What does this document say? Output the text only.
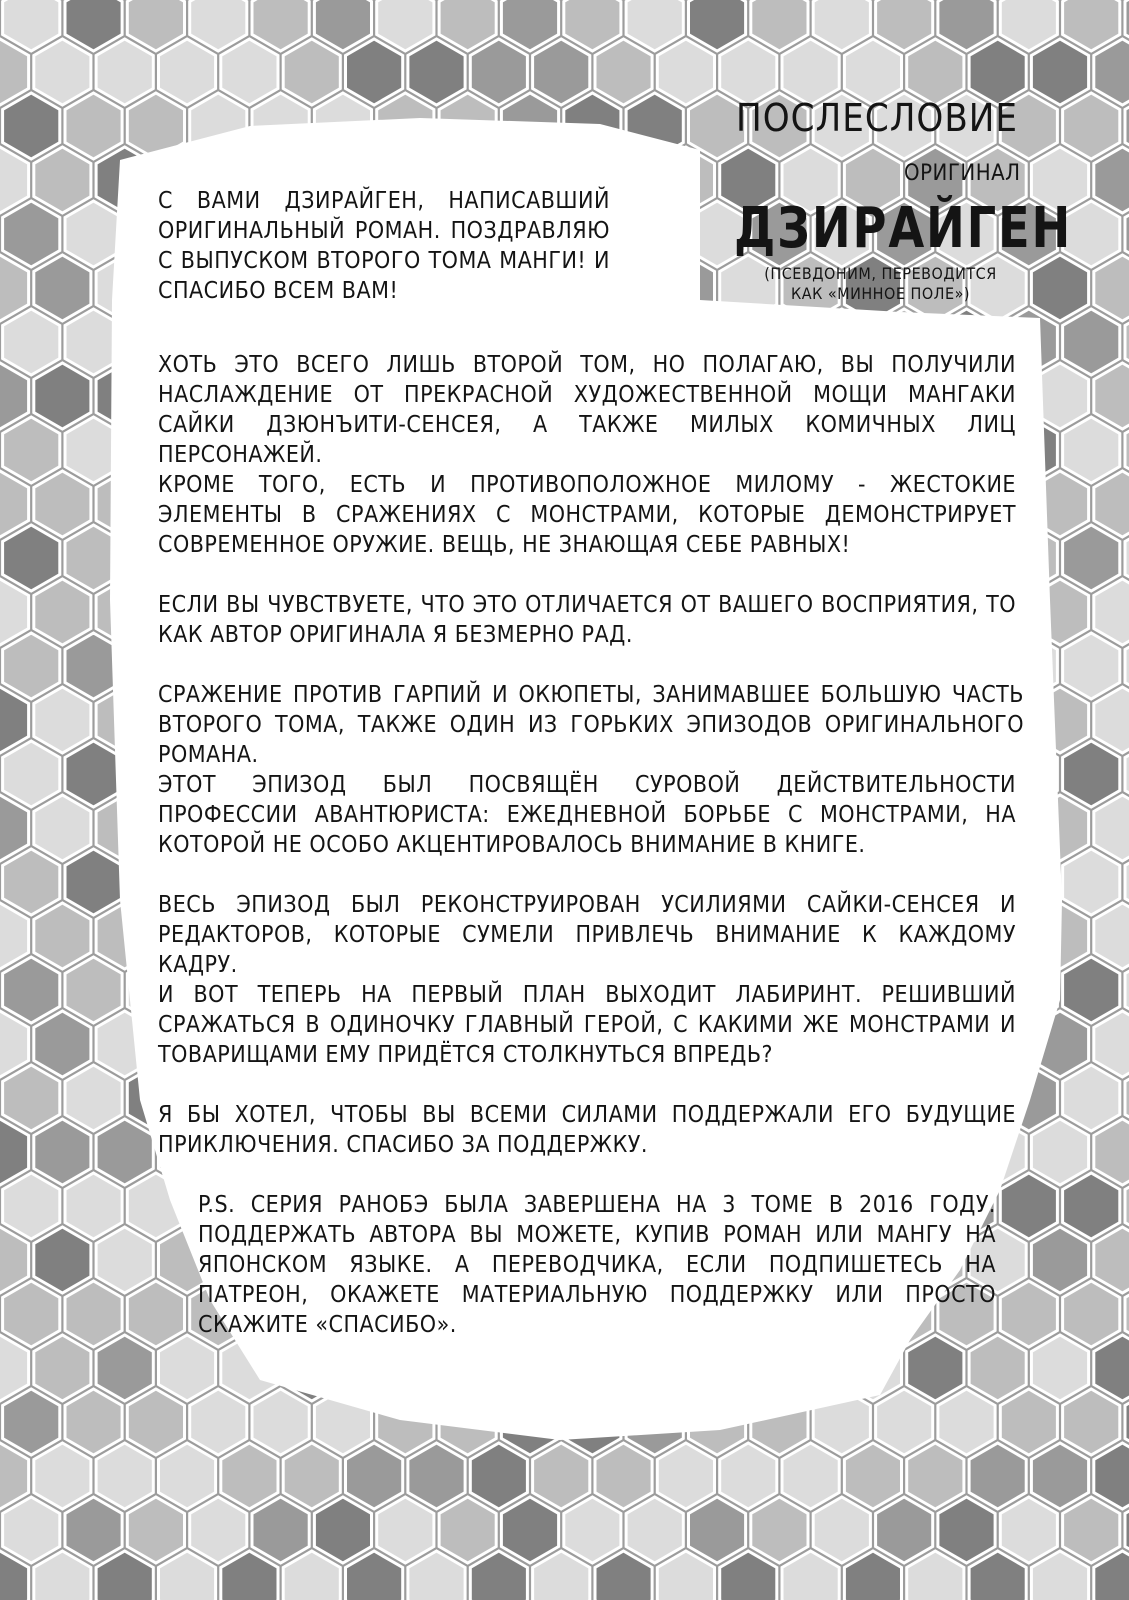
ПОСЛЕСЛОВИЕ
ОРИГИНАЛ
ДЗИРАЙГЕН
(ПСЕВДОНИМ, ПЕРЕВОДИТСЯ КАК «МИННОЕ ПОЛЕ»)

С ВАМИ ДЗИРАЙГЕН, НАПИСАВШИЙ ОРИГИНАЛЬНЫЙ РОМАН. ПОЗДРАВЛЯЮ С ВЫПУСКОМ ВТОРОГО ТОМА МАНГИ! И СПАСИБО ВСЕМ ВАМ!

ХОТЬ ЭТО ВСЕГО ЛИШЬ ВТОРОЙ ТОМ, НО ПОЛАГАЮ, ВЫ ПОЛУЧИЛИ НАСЛАЖДЕНИЕ ОТ ПРЕКРАСНОЙ ХУДОЖЕСТВЕННОЙ МОЩИ МАНГАКИ САЙКИ ДЗЮНЪИТИ-СЕНСЕЯ, А ТАКЖЕ МИЛЫХ КОМИЧНЫХ ЛИЦ ПЕРСОНАЖЕЙ.

КРОМЕ ТОГО, ЕСТЬ И ПРОТИВОПОЛОЖНОЕ МИЛОМУ - ЖЕСТОКИЕ ЭЛЕМЕНТЫ В СРАЖЕНИЯХ С МОНСТРАМИ, КОТОРЫЕ ДЕМОНСТРИРУЕТ СОВРЕМЕННОЕ ОРУЖИЕ. ВЕЩЬ, НЕ ЗНАЮЩАЯ СЕБЕ РАВНЫХ!

ЕСЛИ ВЫ ЧУВСТВУЕТЕ, ЧТО ЭТО ОТЛИЧАЕТСЯ ОТ ВАШЕГО ВОСПРИЯТИЯ, ТО КАК АВТОР ОРИГИНАЛА Я БЕЗМЕРНО РАД.

СРАЖЕНИЕ ПРОТИВ ГАРПИЙ И ОКЮПЕТЫ, ЗАНИМАВШЕЕ БОЛЬШУЮ ЧАСТЬ ВТОРОГО ТОМА, ТАКЖЕ ОДИН ИЗ ГОРЬКИХ ЭПИЗОДОВ ОРИГИНАЛЬНОГО РОМАНА.

ЭТОТ ЭПИЗОД БЫЛ ПОСВЯЩЁН СУРОВОЙ ДЕЙСТВИТЕЛЬНОСТИ ПРОФЕССИИ АВАНТЮРИСТА: ЕЖЕДНЕВНОЙ БОРЬБЕ С МОНСТРАМИ, НА КОТОРОЙ НЕ ОСОБО АКЦЕНТИРОВАЛОСЬ ВНИМАНИЕ В КНИГЕ.

ВЕСЬ ЭПИЗОД БЫЛ РЕКОНСТРУИРОВАН УСИЛИЯМИ САЙКИ-СЕНСЕЯ И РЕДАКТОРОВ, КОТОРЫЕ СУМЕЛИ ПРИВЛЕЧЬ ВНИМАНИЕ К КАЖДОМУ КАДРУ.

И ВОТ ТЕПЕРЬ НА ПЕРВЫЙ ПЛАН ВЫХОДИТ ЛАБИРИНТ. РЕШИВШИЙ СРАЖАТЬСЯ В ОДИНОЧКУ ГЛАВНЫЙ ГЕРОЙ, С КАКИМИ ЖЕ МОНСТРАМИ И ТОВАРИЩАМИ ЕМУ ПРИДЁТСЯ СТОЛКНУТЬСЯ ВПРЕДЬ?

Я БЫ ХОТЕЛ, ЧТОБЫ ВЫ ВСЕМИ СИЛАМИ ПОДДЕРЖАЛИ ЕГО БУДУЩИЕ ПРИКЛЮЧЕНИЯ. СПАСИБО ЗА ПОДДЕРЖКУ.

P.S. СЕРИЯ РАНОБЭ БЫЛА ЗАВЕРШЕНА НА 3 ТОМЕ В 2016 ГОДУ. ПОДДЕРЖАТЬ АВТОРА ВЫ МОЖЕТЕ, КУПИВ РОМАН ИЛИ МАНГУ НА ЯПОНСКОМ ЯЗЫКЕ. А ПЕРЕВОДЧИКА, ЕСЛИ ПОДПИШЕТЕСЬ НА ПАТРЕОН, ОКАЖЕТЕ МАТЕРИАЛЬНУЮ ПОДДЕРЖКУ ИЛИ ПРОСТО СКАЖИТЕ «СПАСИБО».
